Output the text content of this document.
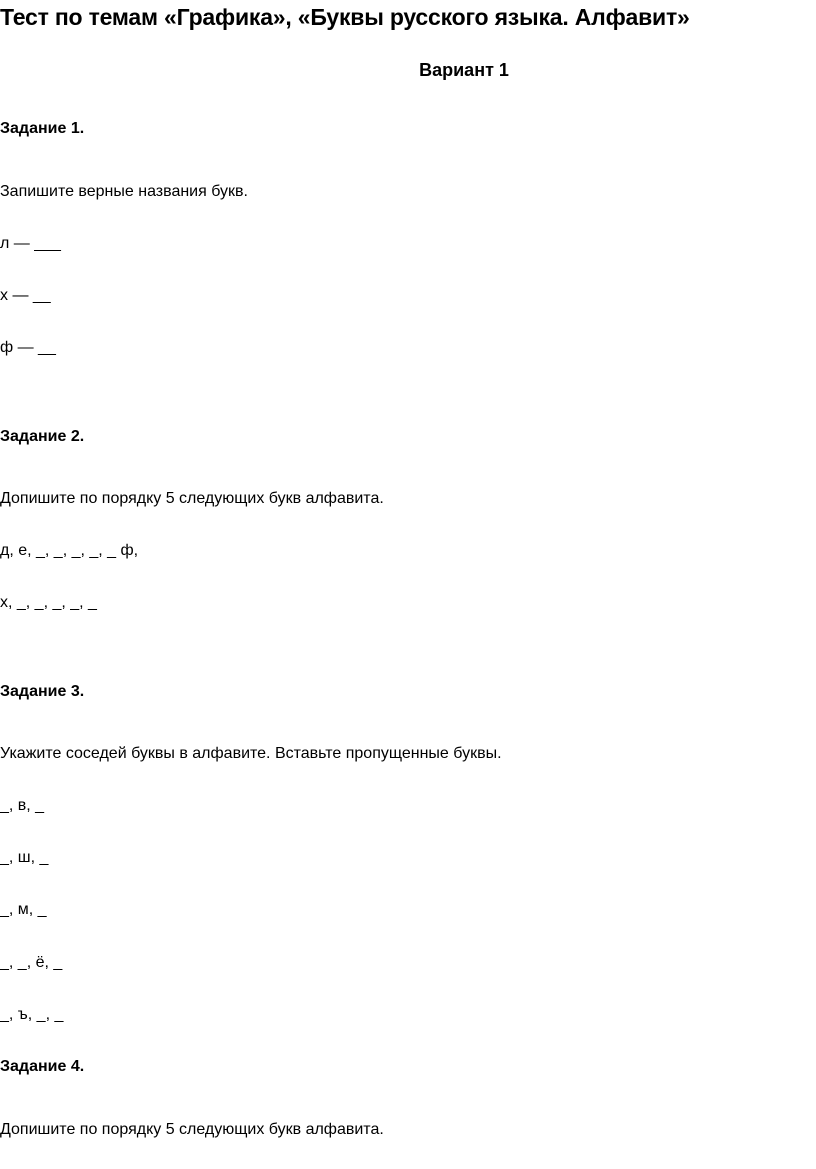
Тест по темам «Графика», «Буквы русского языка. Алфавит»
Вариант 1

Задание 1.

Запишите верные названия букв.

л — ___

х — __

ф — __

Задание 2.

Допишите по порядку 5 следующих букв алфавита.

д, е, _, _, _, _, _ ф,

х, _, _, _, _, _

Задание 3.

Укажите соседей буквы в алфавите. Вставьте пропущенные буквы.

_, в, _

_, ш, _

_, м, _

_, _, ё, _

_, ъ, _, _

Задание 4.

Допишите по порядку 5 следующих букв алфавита.
